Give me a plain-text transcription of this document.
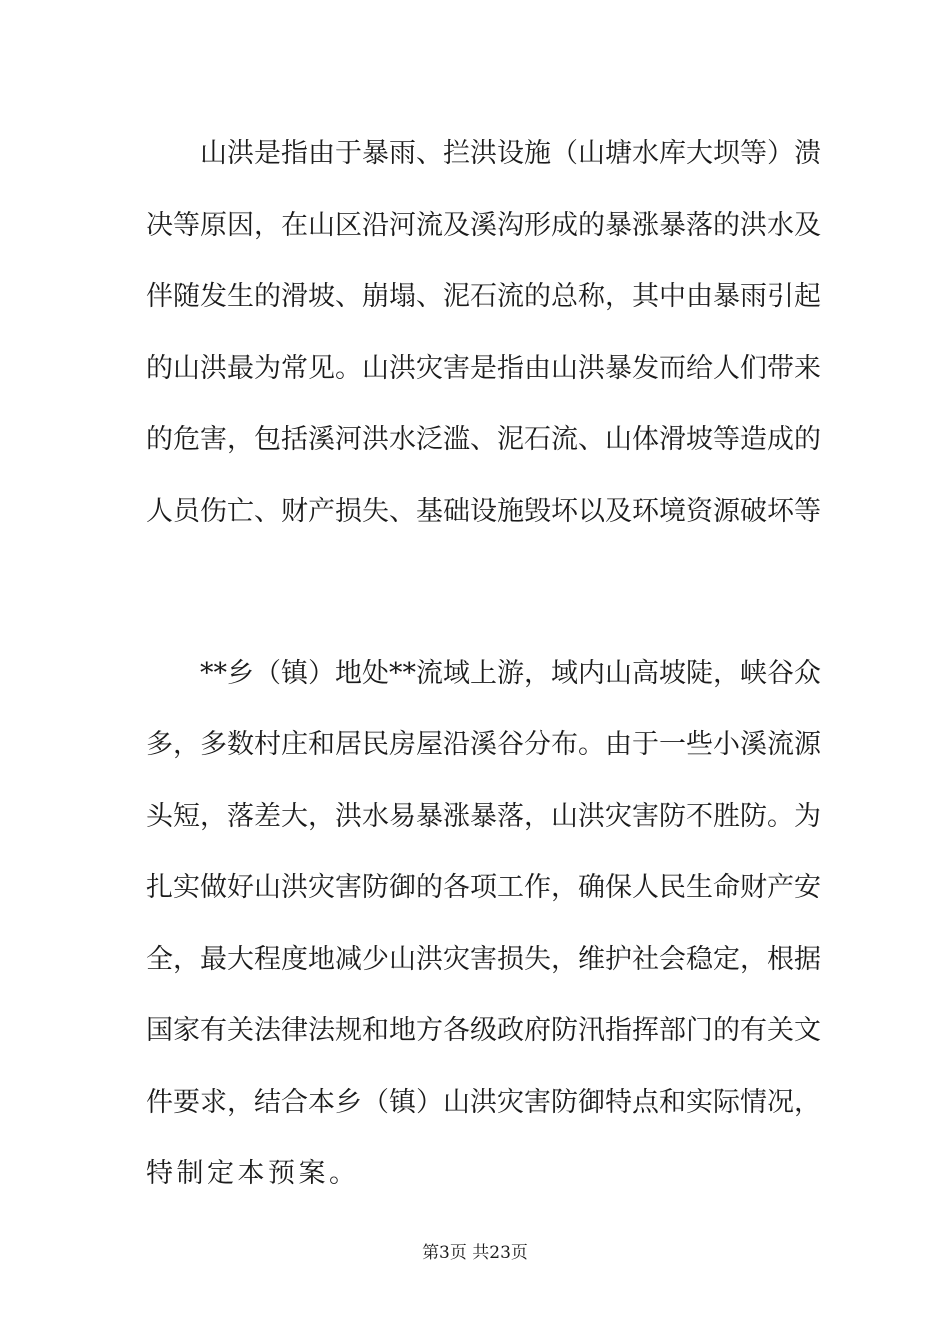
山洪是指由于暴雨、拦洪设施（山塘水库大坝等）溃
决等原因，在山区沿河流及溪沟形成的暴涨暴落的洪水及
伴随发生的滑坡、崩塌、泥石流的总称，其中由暴雨引起
的山洪最为常见。山洪灾害是指由山洪暴发而给人们带来
的危害，包括溪河洪水泛滥、泥石流、山体滑坡等造成的
人员伤亡、财产损失、基础设施毁坏以及环境资源破坏等
**乡（镇）地处**流域上游，域内山高坡陡，峡谷众
多，多数村庄和居民房屋沿溪谷分布。由于一些小溪流源
头短，落差大，洪水易暴涨暴落，山洪灾害防不胜防。为
扎实做好山洪灾害防御的各项工作，确保人民生命财产安
全，最大程度地减少山洪灾害损失，维护社会稳定，根据
国家有关法律法规和地方各级政府防汛指挥部门的有关文
件要求，结合本乡（镇）山洪灾害防御特点和实际情况，
特制定本预案。
第3页 共23页
